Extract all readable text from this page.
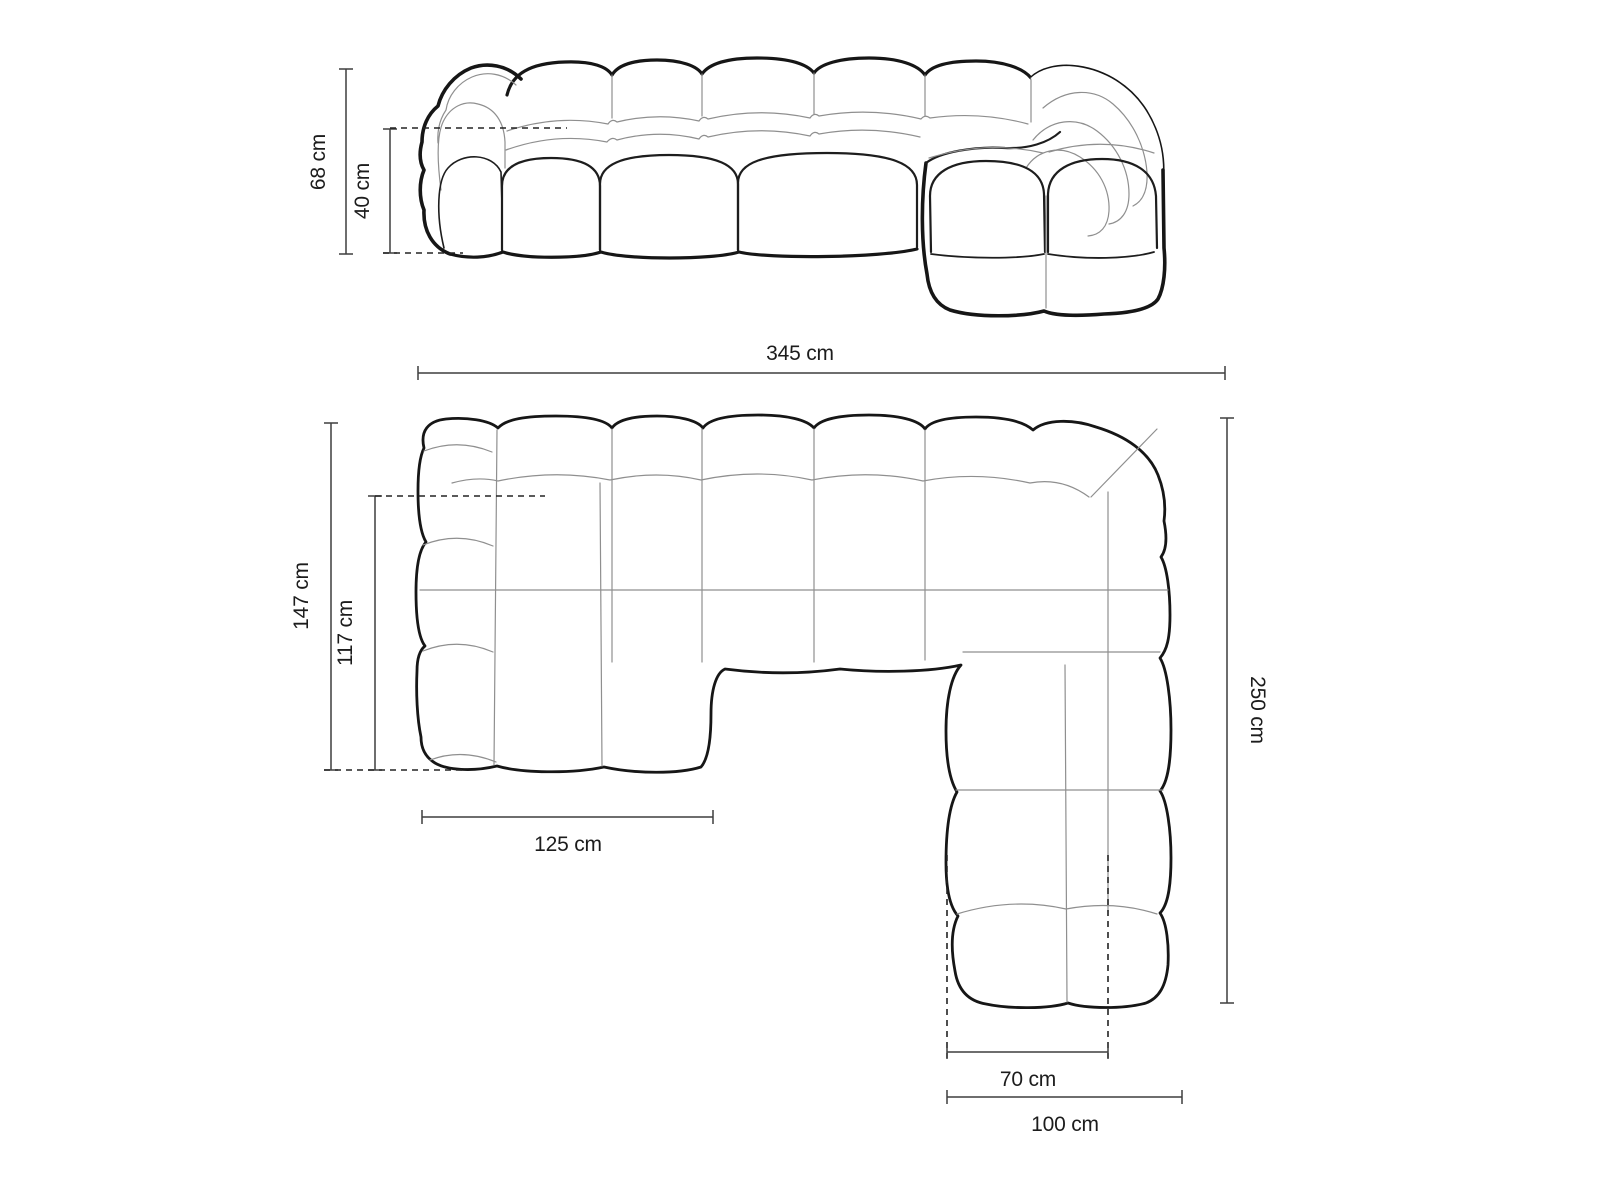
68 cm
40 cm
345 cm
147 cm
117 cm
125 cm
250 cm
70 cm
100 cm
